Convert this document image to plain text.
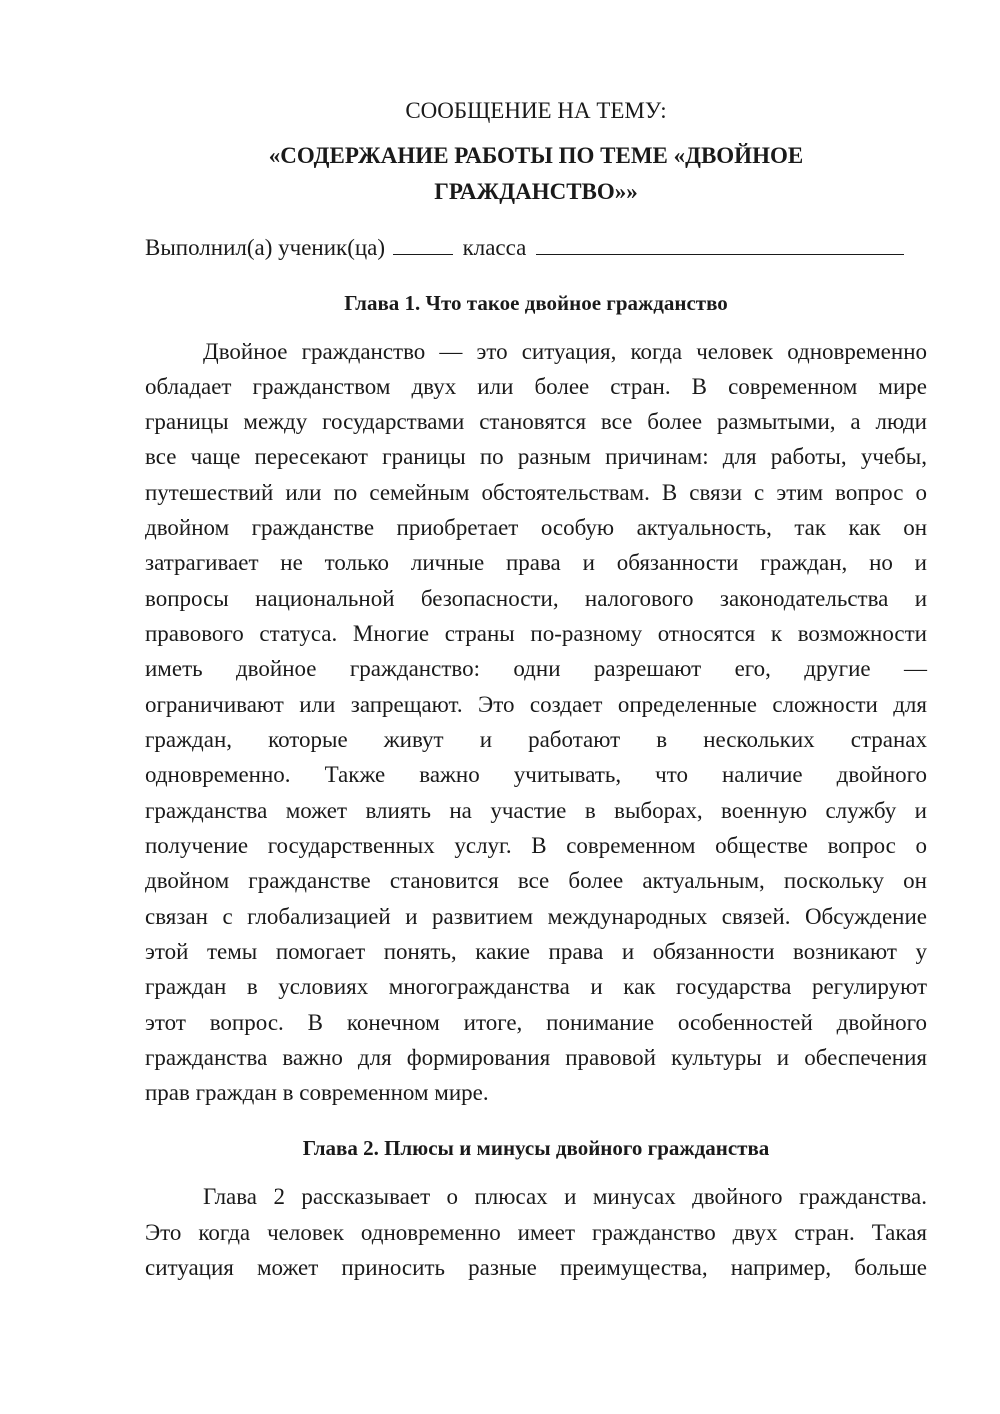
СООБЩЕНИЕ НА ТЕМУ:
«СОДЕРЖАНИЕ РАБОТЫ ПО ТЕМЕ «ДВОЙНОЕ
ГРАЖДАНСТВО»»
Выполнил(а) ученик(ца)	класса
Глава 1. Что такое двойное гражданство
Двойное гражданство — это ситуация, когда человек одновременно
обладает гражданством двух или более стран. В современном мире
границы между государствами становятся все более размытыми, а люди
все чаще пересекают границы по разным причинам: для работы, учебы,
путешествий или по семейным обстоятельствам. В связи с этим вопрос о
двойном гражданстве приобретает особую актуальность, так как он
затрагивает не только личные права и обязанности граждан, но и
вопросы национальной безопасности, налогового законодательства и
правового статуса. Многие страны по-разному относятся к возможности
иметь двойное гражданство: одни разрешают его, другие —
ограничивают или запрещают. Это создает определенные сложности для
граждан, которые живут и работают в нескольких странах
одновременно. Также важно учитывать, что наличие двойного
гражданства может влиять на участие в выборах, военную службу и
получение государственных услуг. В современном обществе вопрос о
двойном гражданстве становится все более актуальным, поскольку он
связан с глобализацией и развитием международных связей. Обсуждение
этой темы помогает понять, какие права и обязанности возникают у
граждан в условиях многогражданства и как государства регулируют
этот вопрос. В конечном итоге, понимание особенностей двойного
гражданства важно для формирования правовой культуры и обеспечения
прав граждан в современном мире.
Глава 2. Плюсы и минусы двойного гражданства
Глава 2 рассказывает о плюсах и минусах двойного гражданства.
Это когда человек одновременно имеет гражданство двух стран. Такая
ситуация может приносить разные преимущества, например, больше
